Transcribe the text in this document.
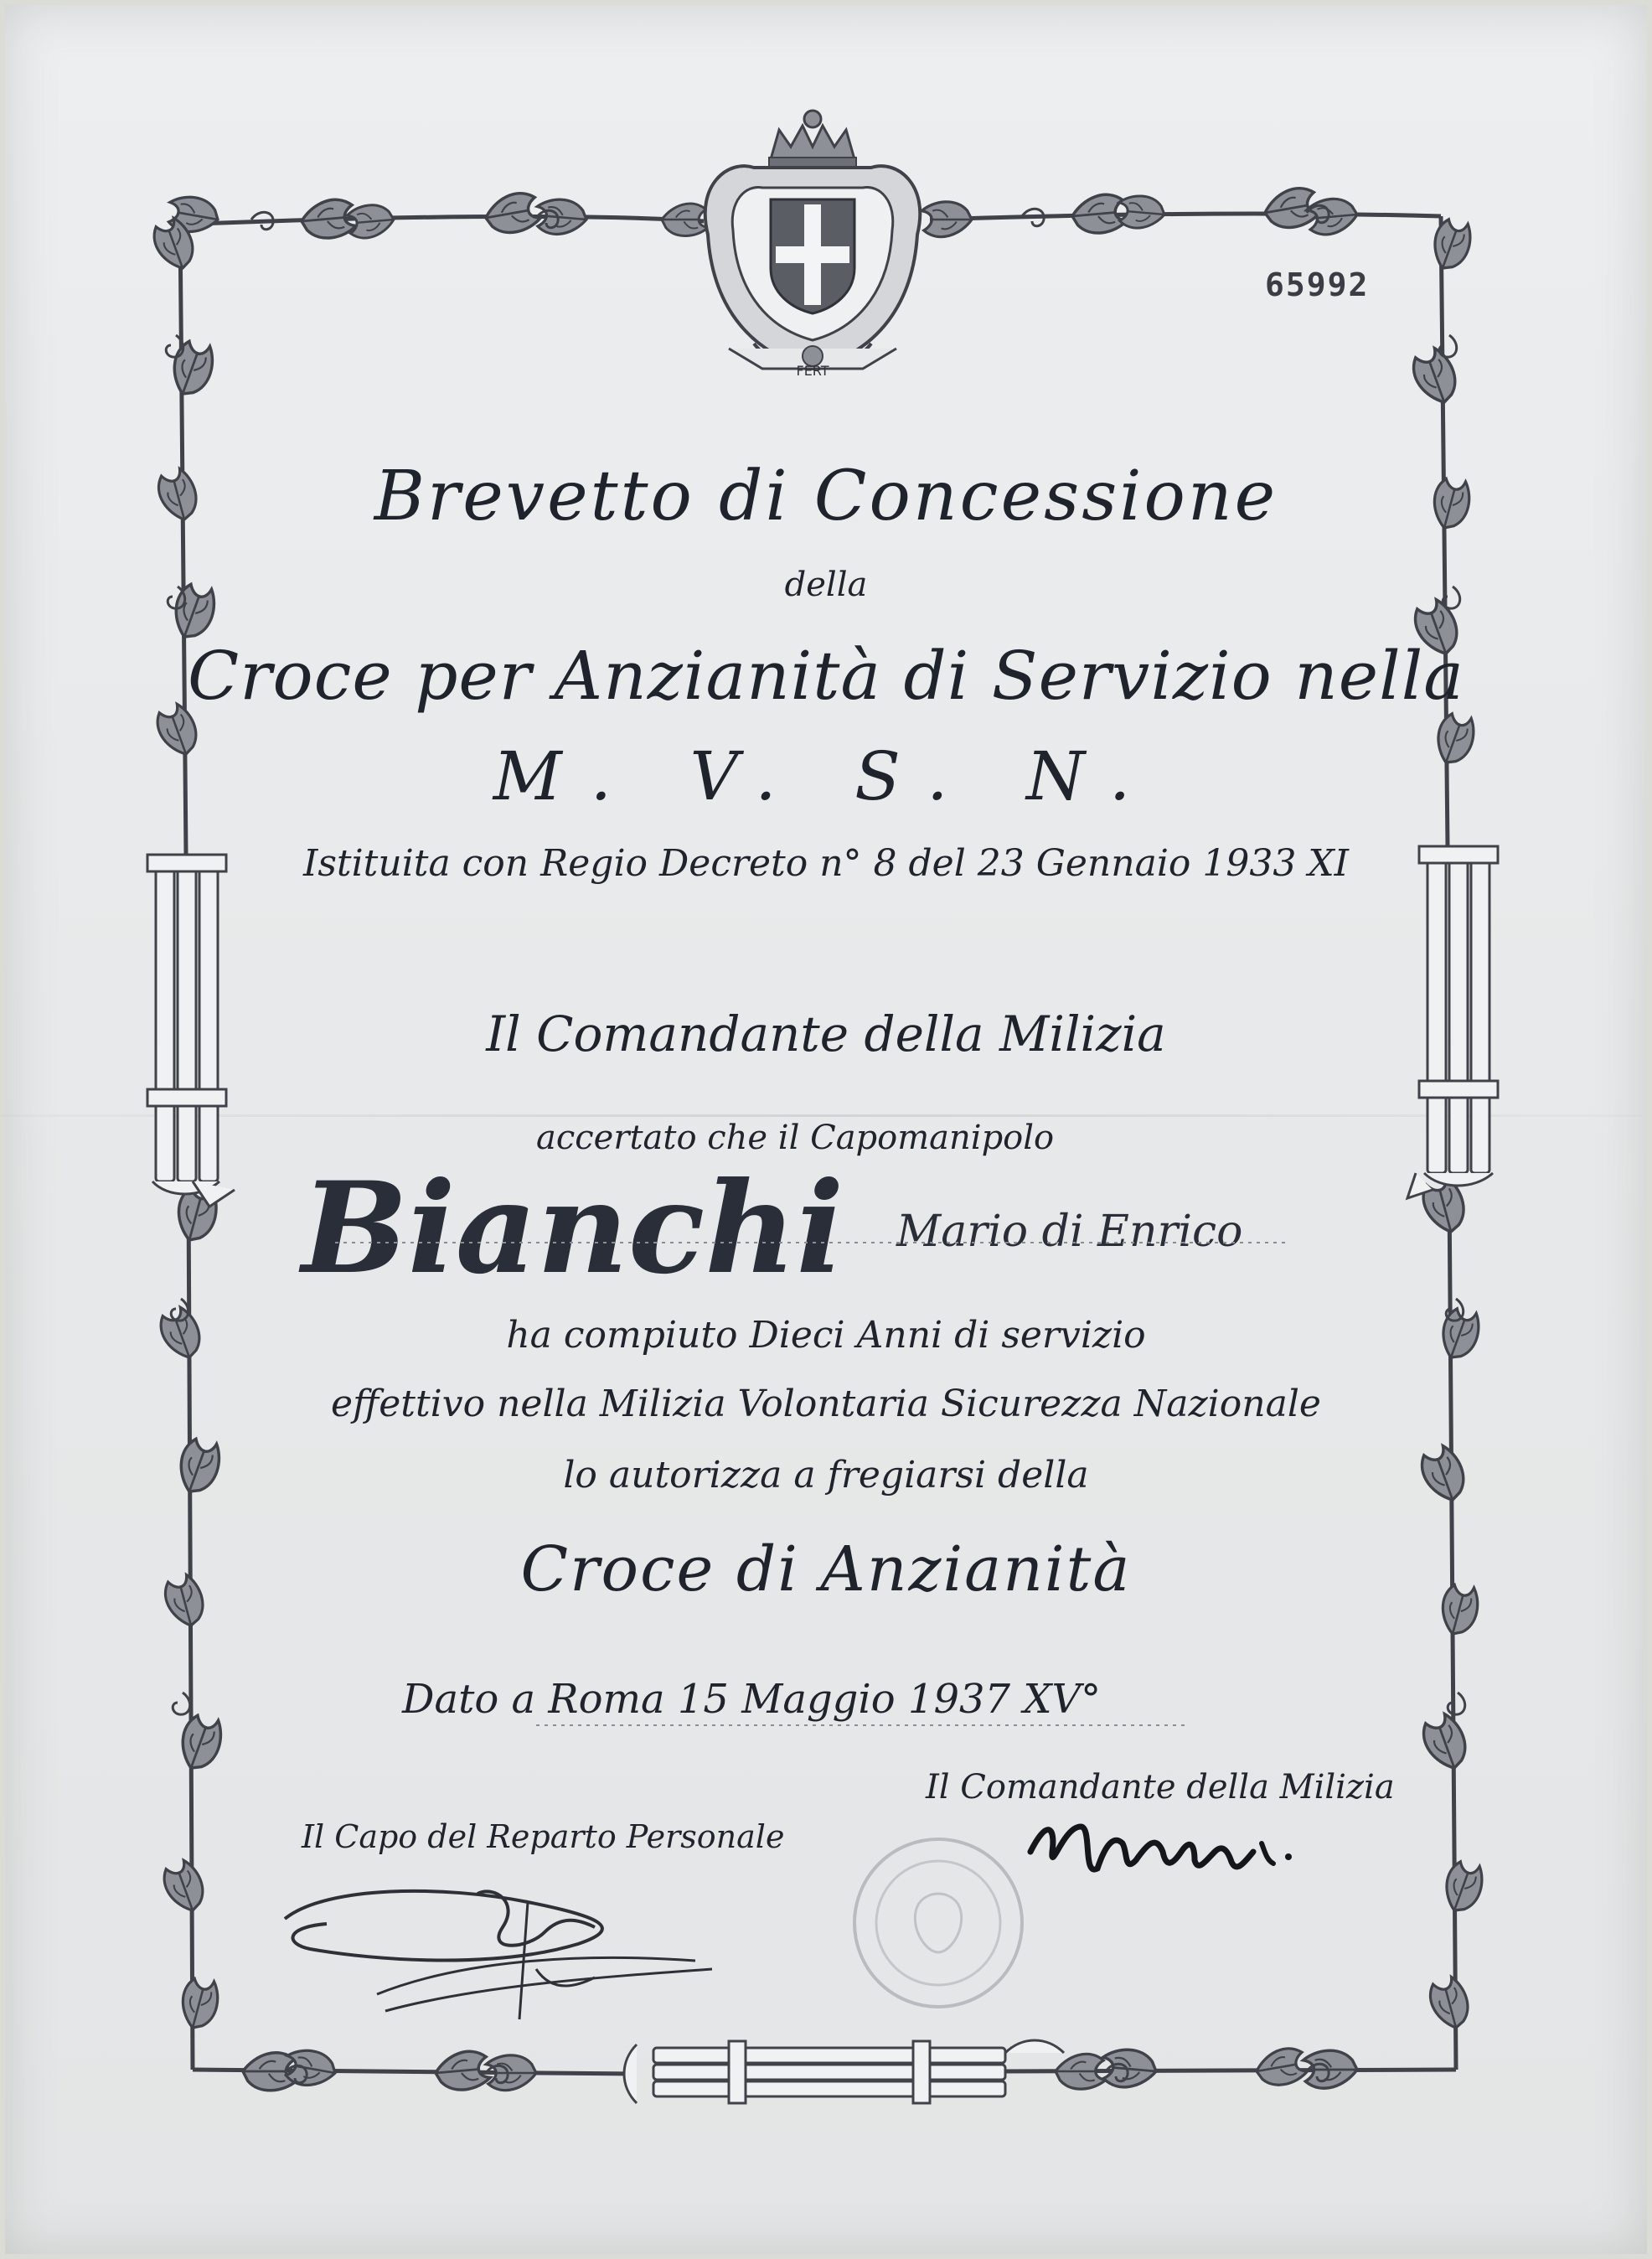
FERT
65992
Brevetto di Concessione
della
Croce per Anzianità di Servizio nella
M. V. S. N.
Istituita con Regio Decreto n° 8 del 23 Gennaio 1933 XI
Il Comandante della Milizia
accertato che il Capomanipolo
Bianchi	Mario di Enrico
ha compiuto Dieci Anni di servizio
effettivo nella Milizia Volontaria Sicurezza Nazionale
lo autorizza a fregiarsi della
Croce di Anzianità
Dato a Roma 15 Maggio 1937 XV°
Il Comandante della Milizia
Il Capo del Reparto Personale
